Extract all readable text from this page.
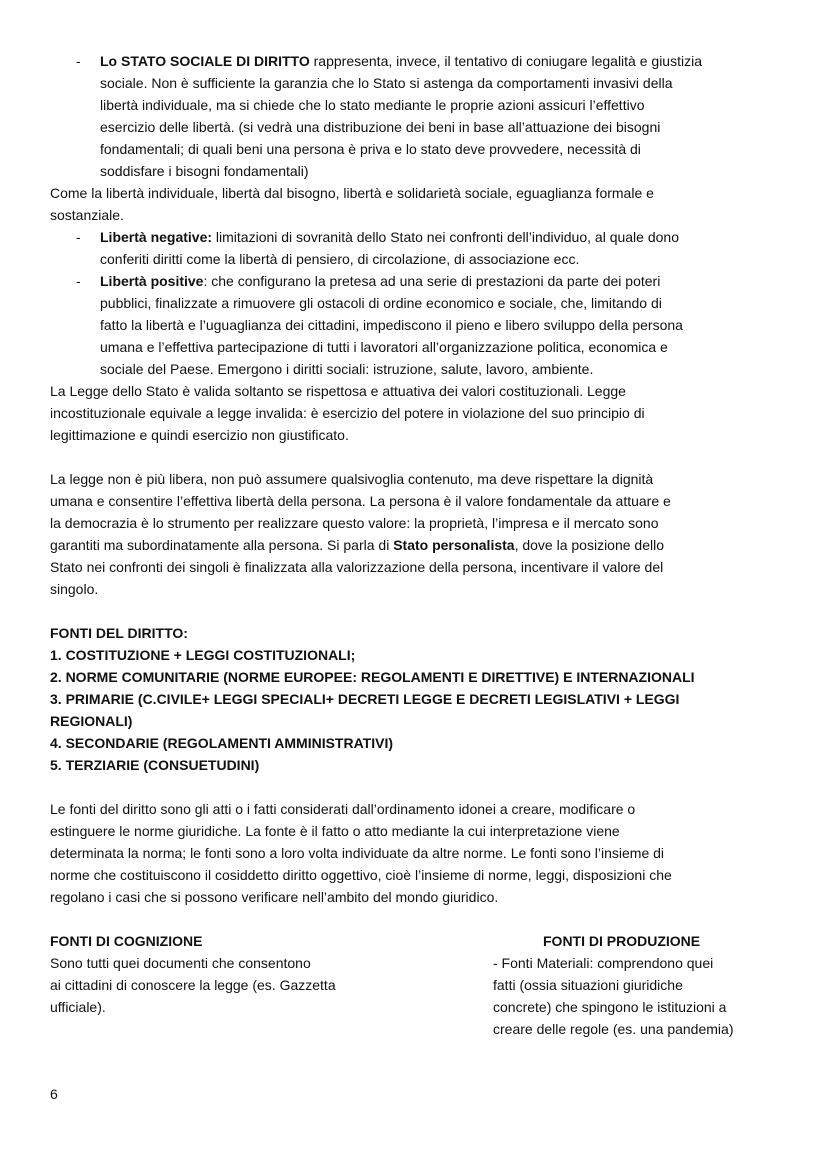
6
- Lo STATO SOCIALE DI DIRITTO rappresenta, invece, il tentativo di coniugare legalità e giustizia
sociale. Non è sufficiente la garanzia che lo Stato si astenga da comportamenti invasivi della
libertà individuale, ma si chiede che lo stato mediante le proprie azioni assicuri l’effettivo
esercizio delle libertà. (si vedrà una distribuzione dei beni in base all’attuazione dei bisogni
fondamentali; di quali beni una persona è priva e lo stato deve provvedere, necessità di
soddisfare i bisogni fondamentali)
Come la libertà individuale, libertà dal bisogno, libertà e solidarietà sociale, eguaglianza formale e
sostanziale.
- Libertà negative: limitazioni di sovranità dello Stato nei confronti dell’individuo, al quale dono
conferiti diritti come la libertà di pensiero, di circolazione, di associazione ecc.
- Libertà positive: che configurano la pretesa ad una serie di prestazioni da parte dei poteri
pubblici, finalizzate a rimuovere gli ostacoli di ordine economico e sociale, che, limitando di
fatto la libertà e l’uguaglianza dei cittadini, impediscono il pieno e libero sviluppo della persona
umana e l’effettiva partecipazione di tutti i lavoratori all’organizzazione politica, economica e
sociale del Paese. Emergono i diritti sociali: istruzione, salute, lavoro, ambiente.
La Legge dello Stato è valida soltanto se rispettosa e attuativa dei valori costituzionali. Legge
incostituzionale equivale a legge invalida: è esercizio del potere in violazione del suo principio di
legittimazione e quindi esercizio non giustificato.
La legge non è più libera, non può assumere qualsivoglia contenuto, ma deve rispettare la dignità
umana e consentire l’effettiva libertà della persona. La persona è il valore fondamentale da attuare e
la democrazia è lo strumento per realizzare questo valore: la proprietà, l’impresa e il mercato sono
garantiti ma subordinatamente alla persona. Si parla di Stato personalista, dove la posizione dello
Stato nei confronti dei singoli è finalizzata alla valorizzazione della persona, incentivare il valore del
singolo.
FONTI DEL DIRITTO:
1. COSTITUZIONE + LEGGI COSTITUZIONALI;
2. NORME COMUNITARIE (NORME EUROPEE: REGOLAMENTI E DIRETTIVE) E INTERNAZIONALI
3. PRIMARIE (C.CIVILE+ LEGGI SPECIALI+ DECRETI LEGGE E DECRETI LEGISLATIVI + LEGGI
REGIONALI)
4. SECONDARIE (REGOLAMENTI AMMINISTRATIVI)
5. TERZIARIE (CONSUETUDINI)
Le fonti del diritto sono gli atti o i fatti considerati dall’ordinamento idonei a creare, modificare o
estinguere le norme giuridiche. La fonte è il fatto o atto mediante la cui interpretazione viene
determinata la norma; le fonti sono a loro volta individuate da altre norme. Le fonti sono l’insieme di
norme che costituiscono il cosiddetto diritto oggettivo, cioè l’insieme di norme, leggi, disposizioni che
regolano i casi che si possono verificare nell’ambito del mondo giuridico.
FONTI DI COGNIZIONE
Sono tutti quei documenti che consentono
ai cittadini di conoscere la legge (es. Gazzetta
ufficiale).
FONTI DI PRODUZIONE
- Fonti Materiali: comprendono quei
fatti (ossia situazioni giuridiche
concrete) che spingono le istituzioni a
creare delle regole (es. una pandemia)
